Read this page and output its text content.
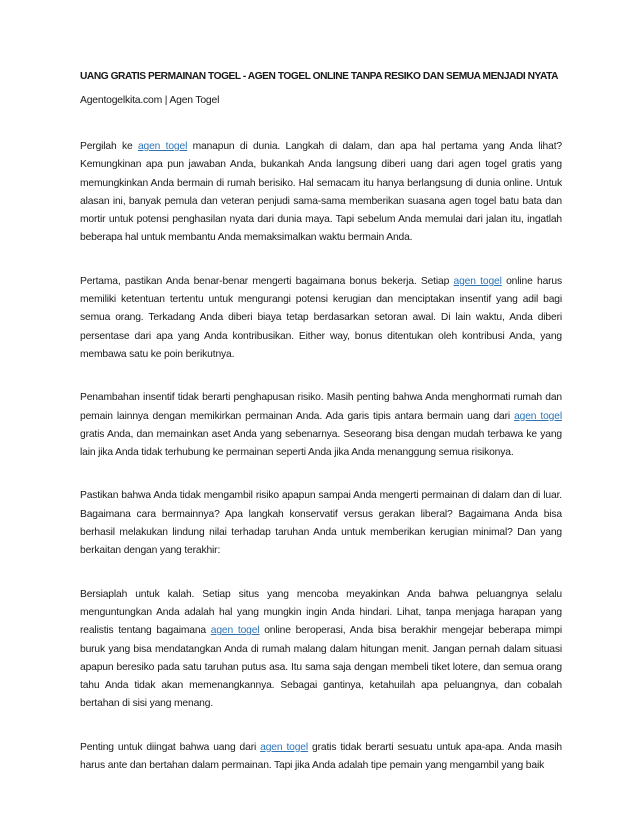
UANG GRATIS PERMAINAN TOGEL - AGEN TOGEL ONLINE TANPA RESIKO DAN SEMUA MENJADI NYATA
Agentogelkita.com | Agen Togel

Pergilah ke agen togel manapun di dunia. Langkah di dalam, dan apa hal pertama yang Anda lihat? Kemungkinan apa pun jawaban Anda, bukankah Anda langsung diberi uang dari agen togel gratis yang memungkinkan Anda bermain di rumah berisiko. Hal semacam itu hanya berlangsung di dunia online. Untuk alasan ini, banyak pemula dan veteran penjudi sama-sama memberikan suasana agen togel batu bata dan mortir untuk potensi penghasilan nyata dari dunia maya. Tapi sebelum Anda memulai dari jalan itu, ingatlah beberapa hal untuk membantu Anda memaksimalkan waktu bermain Anda.

Pertama, pastikan Anda benar-benar mengerti bagaimana bonus bekerja. Setiap agen togel online harus memiliki ketentuan tertentu untuk mengurangi potensi kerugian dan menciptakan insentif yang adil bagi semua orang. Terkadang Anda diberi biaya tetap berdasarkan setoran awal. Di lain waktu, Anda diberi persentase dari apa yang Anda kontribusikan. Either way, bonus ditentukan oleh kontribusi Anda, yang membawa satu ke poin berikutnya.

Penambahan insentif tidak berarti penghapusan risiko. Masih penting bahwa Anda menghormati rumah dan pemain lainnya dengan memikirkan permainan Anda. Ada garis tipis antara bermain uang dari agen togel gratis Anda, dan memainkan aset Anda yang sebenarnya. Seseorang bisa dengan mudah terbawa ke yang lain jika Anda tidak terhubung ke permainan seperti Anda jika Anda menanggung semua risikonya.

Pastikan bahwa Anda tidak mengambil risiko apapun sampai Anda mengerti permainan di dalam dan di luar. Bagaimana cara bermainnya? Apa langkah konservatif versus gerakan liberal? Bagaimana Anda bisa berhasil melakukan lindung nilai terhadap taruhan Anda untuk memberikan kerugian minimal? Dan yang berkaitan dengan yang terakhir:

Bersiaplah untuk kalah. Setiap situs yang mencoba meyakinkan Anda bahwa peluangnya selalu menguntungkan Anda adalah hal yang mungkin ingin Anda hindari. Lihat, tanpa menjaga harapan yang realistis tentang bagaimana agen togel online beroperasi, Anda bisa berakhir mengejar beberapa mimpi buruk yang bisa mendatangkan Anda di rumah malang dalam hitungan menit. Jangan pernah dalam situasi apapun beresiko pada satu taruhan putus asa. Itu sama saja dengan membeli tiket lotere, dan semua orang tahu Anda tidak akan memenangkannya. Sebagai gantinya, ketahuilah apa peluangnya, dan cobalah bertahan di sisi yang menang.

Penting untuk diingat bahwa uang dari agen togel gratis tidak berarti sesuatu untuk apa-apa. Anda masih harus ante dan bertahan dalam permainan. Tapi jika Anda adalah tipe pemain yang mengambil yang baik
